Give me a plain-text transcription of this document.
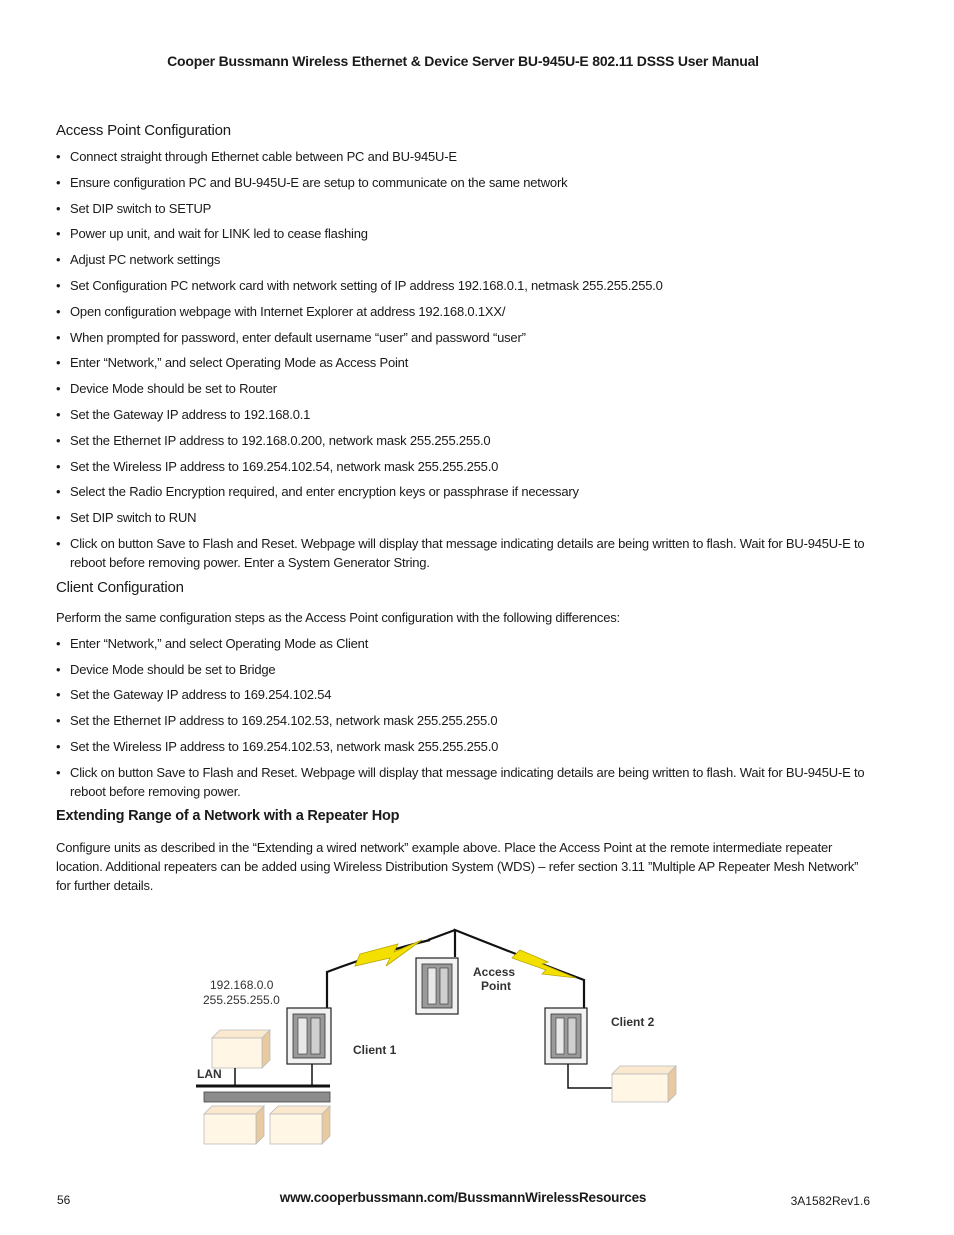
Cooper Bussmann Wireless Ethernet & Device Server BU-945U-E 802.11 DSSS User Manual
Access Point Configuration
• Connect straight through Ethernet cable between PC and BU-945U-E
• Ensure configuration PC and BU-945U-E are setup to communicate on the same network
• Set DIP switch to SETUP
• Power up unit, and wait for LINK led to cease flashing
• Adjust PC network settings
• Set Configuration PC network card with network setting of IP address 192.168.0.1, netmask 255.255.255.0
• Open configuration webpage with Internet Explorer at address 192.168.0.1XX/
• When prompted for password, enter default username “user” and password “user”
• Enter “Network,” and select Operating Mode as Access Point
• Device Mode should be set to Router
• Set the Gateway IP address to 192.168.0.1
• Set the Ethernet IP address to 192.168.0.200, network mask 255.255.255.0
• Set the Wireless IP address to 169.254.102.54, network mask 255.255.255.0
• Select the Radio Encryption required, and enter encryption keys or passphrase if necessary
• Set DIP switch to RUN
• Click on button Save to Flash and Reset. Webpage will display that message indicating details are being written to flash. Wait for BU-945U-E to reboot before removing power. Enter a System Generator String.
Client Configuration

Perform the same configuration steps as the Access Point configuration with the following differences:

• Enter “Network,” and select Operating Mode as Client
• Device Mode should be set to Bridge
• Set the Gateway IP address to 169.254.102.54
• Set the Ethernet IP address to 169.254.102.53, network mask 255.255.255.0
• Set the Wireless IP address to 169.254.102.53, network mask 255.255.255.0
• Click on button Save to Flash and Reset. Webpage will display that message indicating details are being written to flash. Wait for BU-945U-E to reboot before removing power.
Extending Range of a Network with a Repeater Hop

Configure units as described in the “Extending a wired network” example above. Place the Access Point at the remote intermediate repeater location. Additional repeaters can be added using Wireless Distribution System (WDS) – refer section 3.11 ”Multiple AP Repeater Mesh Network” for further details.

Access
Point
Client 1
192.168.0.0
255.255.255.0
Client 2
LAN
56	www.cooperbussmann.com/BussmannWirelessResources	3A1582Rev1.6
